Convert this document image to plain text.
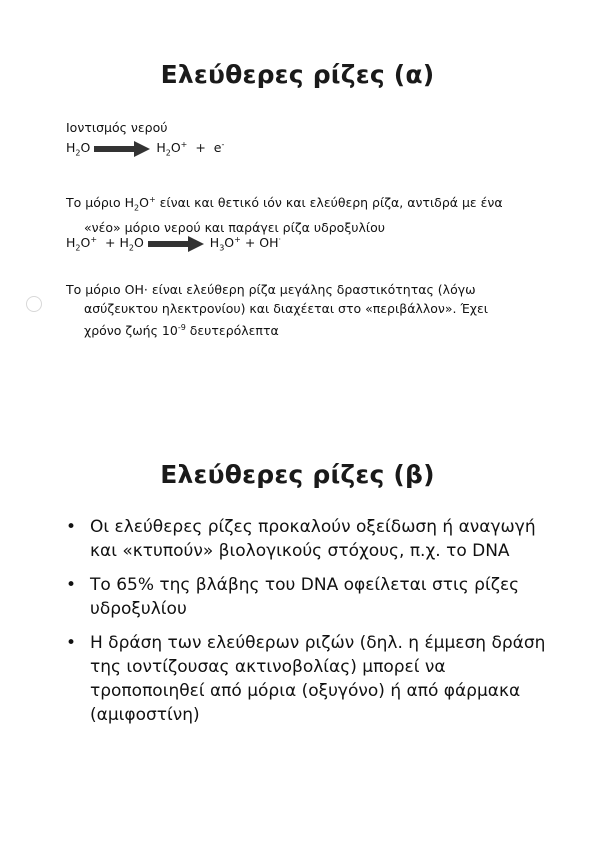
Ελεύθερες ρίζες (α)
Ιοντισμός νερού
$H_2O$	$H_2O^+ + e^-$
Το μόριο $H_2O^+$ είναι και θετικό ιόν και ελεύθερη ρίζα, αντιδρά με ένα
«νέο» μόριο νερού και παράγει ρίζα υδροξυλίου
$H_2O^+ + H_2O$	$H_3O^+ + OH^\cdot$
Το μόριο OH· είναι ελεύθερη ρίζα μεγάλης δραστικότητας (λόγω
ασύζευκτου ηλεκτρονίου) και διαχέεται στο «περιβάλλον». Έχει
χρόνο ζωής $10^{-9}$ δευτερόλεπτα
Ελεύθερες ρίζες (β)
• Οι ελεύθερες ρίζες προκαλούν οξείδωση ή αναγωγή και «κτυπούν» βιολογικούς στόχους, π.χ. το DNA
• Το 65% της βλάβης του DNA οφείλεται στις ρίζες υδροξυλίου
• Η δράση των ελεύθερων ριζών (δηλ. η έμμεση δράση της ιοντίζουσας ακτινοβολίας) μπορεί να τροποποιηθεί από μόρια (οξυγόνο) ή από φάρμακα (αμιφοστίνη)
